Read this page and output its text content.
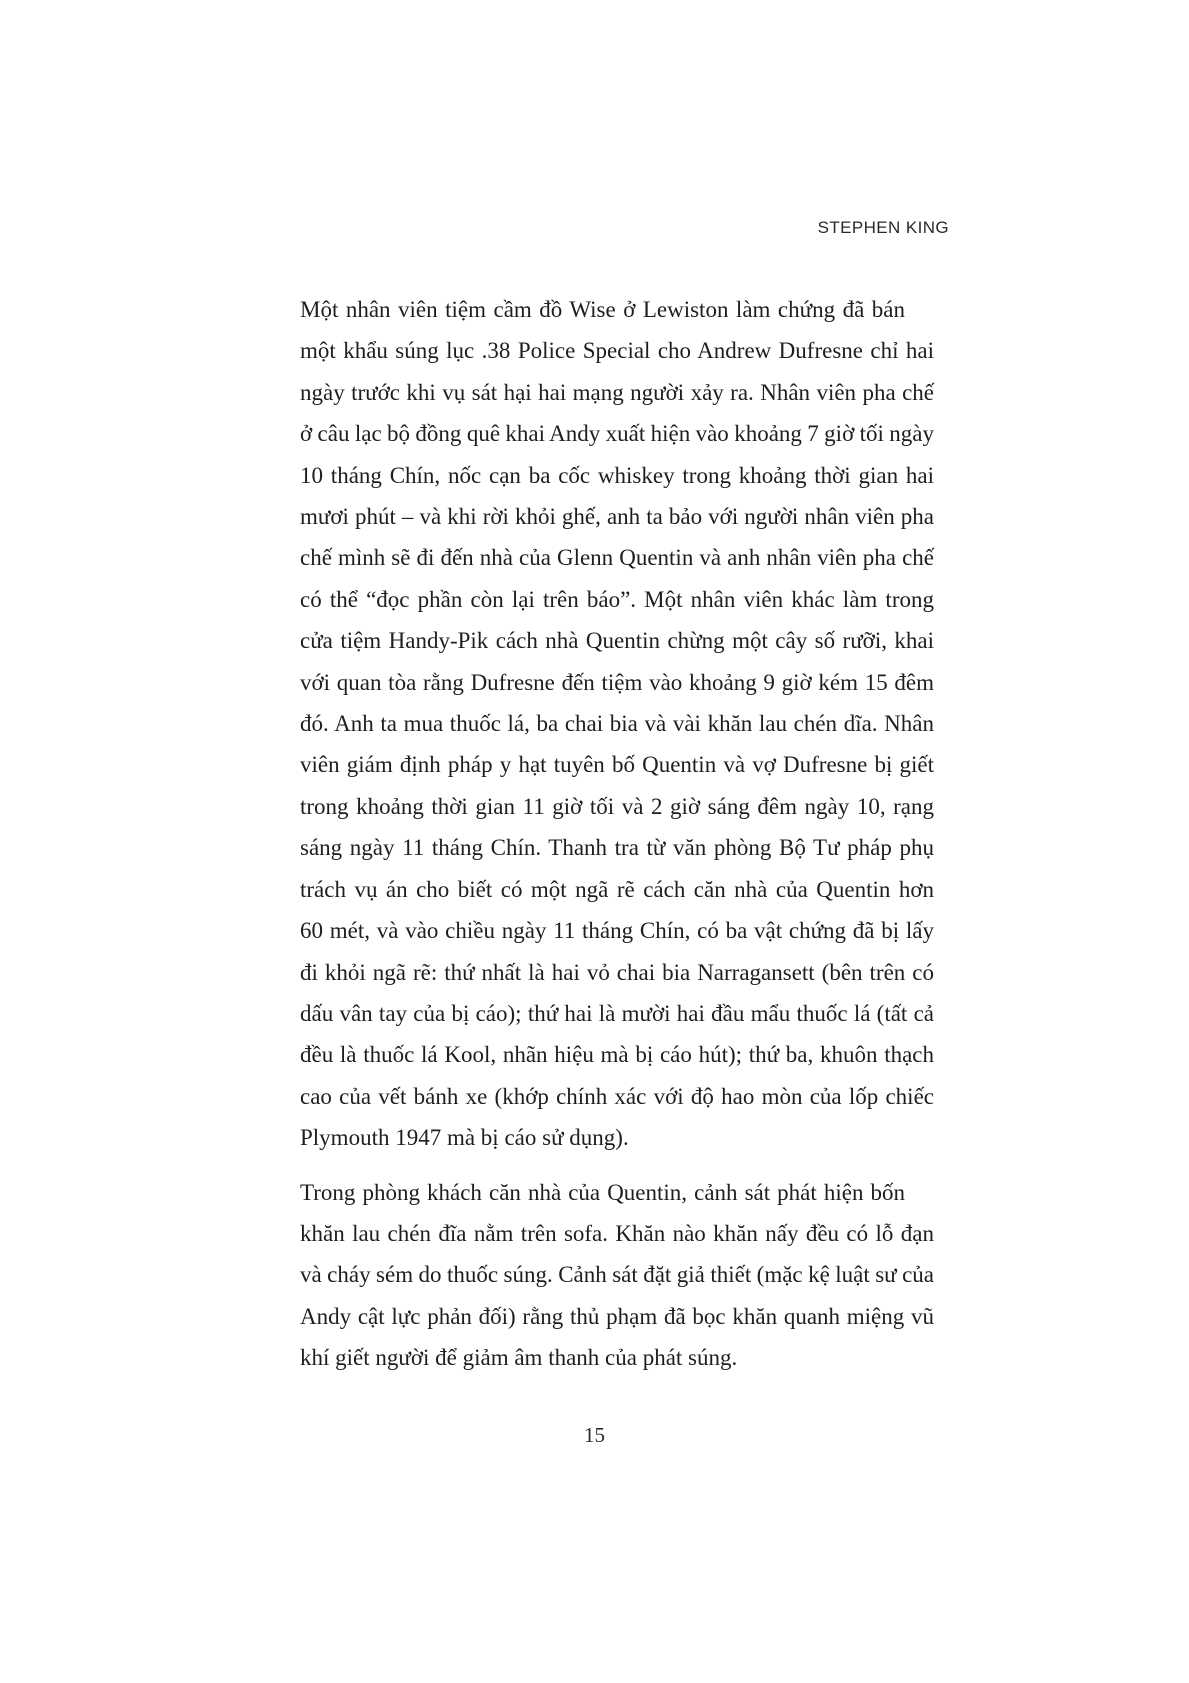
STEPHEN KING

Một nhân viên tiệm cầm đồ Wise ở Lewiston làm chứng đã bán
một khẩu súng lục .38 Police Special cho Andrew Dufresne chỉ hai
ngày trước khi vụ sát hại hai mạng người xảy ra. Nhân viên pha chế
ở câu lạc bộ đồng quê khai Andy xuất hiện vào khoảng 7 giờ tối ngày
10 tháng Chín, nốc cạn ba cốc whiskey trong khoảng thời gian hai
mươi phút – và khi rời khỏi ghế, anh ta bảo với người nhân viên pha
chế mình sẽ đi đến nhà của Glenn Quentin và anh nhân viên pha chế
có thể “đọc phần còn lại trên báo”. Một nhân viên khác làm trong
cửa tiệm Handy-Pik cách nhà Quentin chừng một cây số rưỡi, khai
với quan tòa rằng Dufresne đến tiệm vào khoảng 9 giờ kém 15 đêm
đó. Anh ta mua thuốc lá, ba chai bia và vài khăn lau chén dĩa. Nhân
viên giám định pháp y hạt tuyên bố Quentin và vợ Dufresne bị giết
trong khoảng thời gian 11 giờ tối và 2 giờ sáng đêm ngày 10, rạng
sáng ngày 11 tháng Chín. Thanh tra từ văn phòng Bộ Tư pháp phụ
trách vụ án cho biết có một ngã rẽ cách căn nhà của Quentin hơn
60 mét, và vào chiều ngày 11 tháng Chín, có ba vật chứng đã bị lấy
đi khỏi ngã rẽ: thứ nhất là hai vỏ chai bia Narragansett (bên trên có
dấu vân tay của bị cáo); thứ hai là mười hai đầu mẩu thuốc lá (tất cả
đều là thuốc lá Kool, nhãn hiệu mà bị cáo hút); thứ ba, khuôn thạch
cao của vết bánh xe (khớp chính xác với độ hao mòn của lốp chiếc
Plymouth 1947 mà bị cáo sử dụng).

Trong phòng khách căn nhà của Quentin, cảnh sát phát hiện bốn
khăn lau chén đĩa nằm trên sofa. Khăn nào khăn nấy đều có lỗ đạn
và cháy sém do thuốc súng. Cảnh sát đặt giả thiết (mặc kệ luật sư của
Andy cật lực phản đối) rằng thủ phạm đã bọc khăn quanh miệng vũ
khí giết người để giảm âm thanh của phát súng.

15
